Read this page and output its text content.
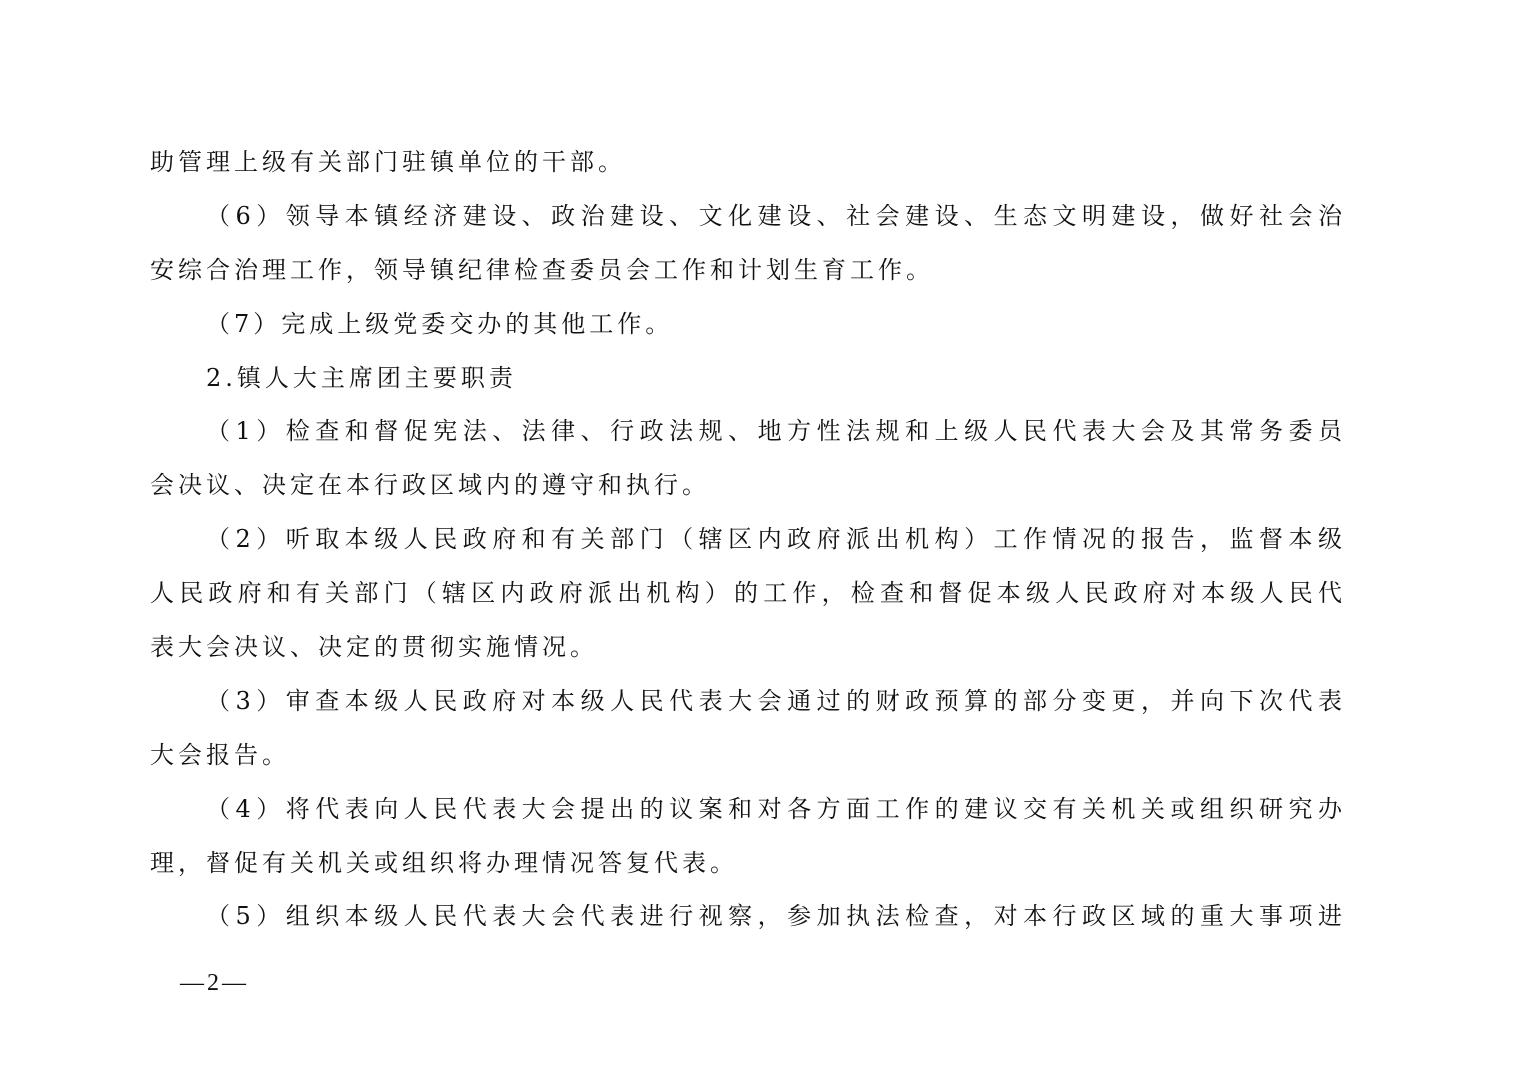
助管理上级有关部门驻镇单位的干部。
（6）领导本镇经济建设、政治建设、文化建设、社会建设、生态文明建设，做好社会治
安综合治理工作，领导镇纪律检查委员会工作和计划生育工作。
（7）完成上级党委交办的其他工作。
2.镇人大主席团主要职责
（1）检查和督促宪法、法律、行政法规、地方性法规和上级人民代表大会及其常务委员
会决议、决定在本行政区域内的遵守和执行。
（2）听取本级人民政府和有关部门（辖区内政府派出机构）工作情况的报告，监督本级
人民政府和有关部门（辖区内政府派出机构）的工作，检查和督促本级人民政府对本级人民代
表大会决议、决定的贯彻实施情况。
（3）审查本级人民政府对本级人民代表大会通过的财政预算的部分变更，并向下次代表
大会报告。
（4）将代表向人民代表大会提出的议案和对各方面工作的建议交有关机关或组织研究办
理，督促有关机关或组织将办理情况答复代表。
（5）组织本级人民代表大会代表进行视察，参加执法检查，对本行政区域的重大事项进
—2—
